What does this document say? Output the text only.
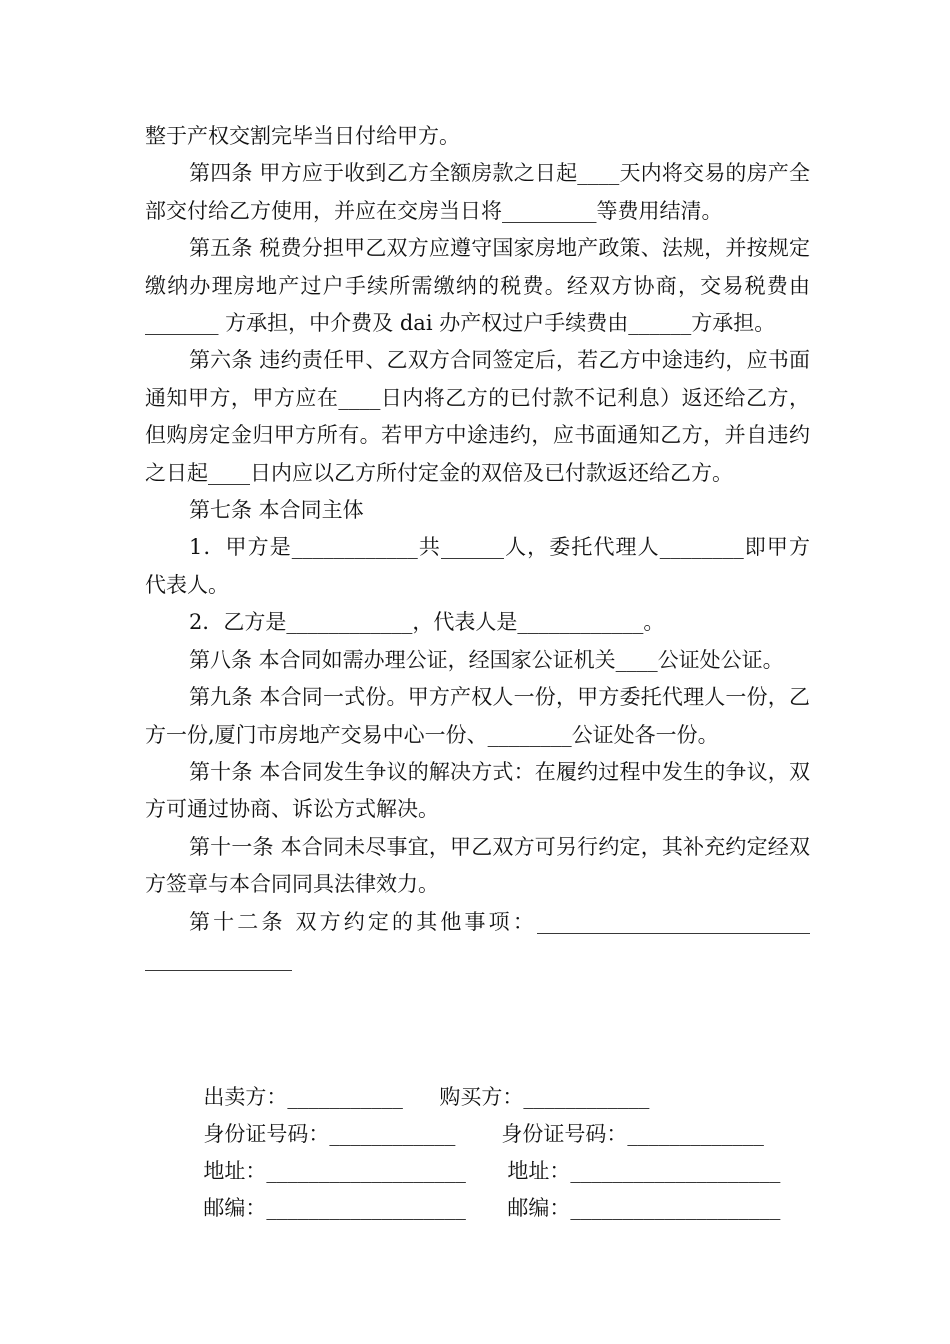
整于产权交割完毕当日付给甲方。

第四条 甲方应于收到乙方全额房款之日起____天内将交易的房产全部交付给乙方使用，并应在交房当日将_________等费用结清。

第五条 税费分担甲乙双方应遵守国家房地产政策、法规，并按规定缴纳办理房地产过户手续所需缴纳的税费。经双方协商，交易税费由_______ 方承担，中介费及 dai 办产权过户手续费由______方承担。

第六条 违约责任甲、乙双方合同签定后，若乙方中途违约，应书面通知甲方，甲方应在____日内将乙方的已付款不记利息）返还给乙方，但购房定金归甲方所有。若甲方中途违约，应书面通知乙方，并自违约之日起____日内应以乙方所付定金的双倍及已付款返还给乙方。

第七条 本合同主体

1．甲方是____________共______人，委托代理人________即甲方代表人。

2．乙方是____________，代表人是____________。

第八条 本合同如需办理公证，经国家公证机关____公证处公证。

第九条 本合同一式份。甲方产权人一份，甲方委托代理人一份，乙方一份,厦门市房地产交易中心一份、________公证处各一份。

第十条 本合同发生争议的解决方式：在履约过程中发生的争议，双方可通过协商、诉讼方式解决。

第十一条 本合同未尽事宜，甲乙双方可另行约定，其补充约定经双方签章与本合同同具法律效力。

第十二条 双方约定的其他事项：__________________________ ______________

出卖方：___________ 购买方：____________

身份证号码：____________ 身份证号码：_____________

地址：___________________ 地址：____________________

邮编：___________________ 邮编：____________________
